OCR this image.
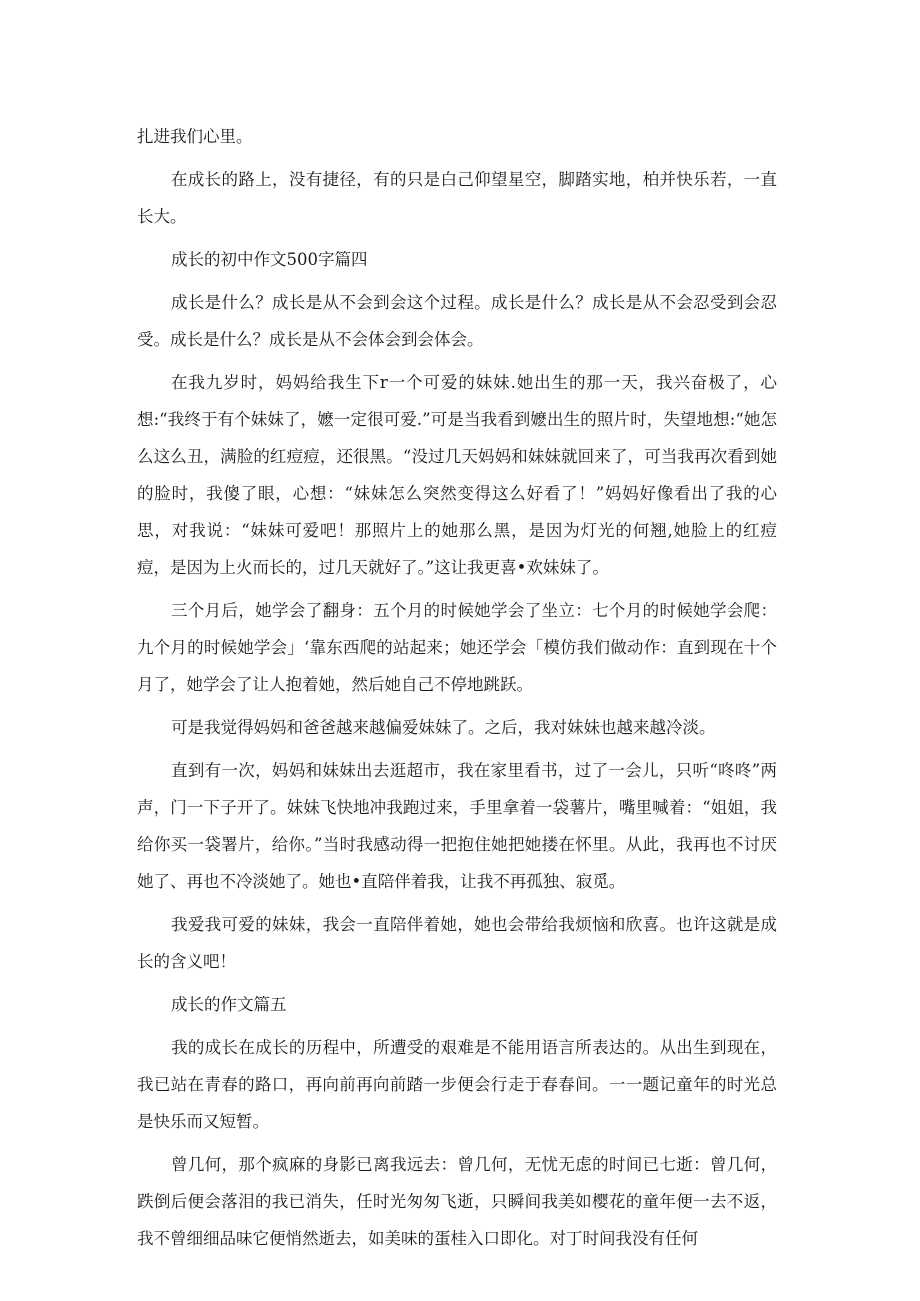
扎进我们心里。

在成长的路上，没有捷径，有的只是白己仰望星空，脚踏实地，柏并快乐若，一直长大。

成长的初中作文500字篇四

成长是什么？成长是从不会到会这个过程。成长是什么？成长是从不会忍受到会忍受。成长是什么？成长是从不会体会到会体会。

在我九岁时，妈妈给我生下r一个可爱的妹妹.她出生的那一天，我兴奋极了，心想:“我终于有个妹妹了，嬷一定很可爱.”可是当我看到嬷出生的照片时，失望地想:“她怎么这么丑，满脸的红痘痘，还很黑。“没过几天妈妈和妹妹就回来了，可当我再次看到她的脸时，我傻了眼，心想：“妹妹怎么突然变得这么好看了！”妈妈好像看出了我的心思，对我说：“妹妹可爱吧！那照片上的她那么黑，是因为灯光的何翘,她脸上的红痘痘，是因为上火而长的，过几天就好了。”这让我更喜•欢妹妹了。

三个月后，她学会了翻身：五个月的时候她学会了坐立：七个月的时候她学会爬：九个月的时候她学会」‘靠东西爬的站起来；她还学会「模仿我们做动作：直到现在十个月了，她学会了让人抱着她，然后她自己不停地跳跃。

可是我觉得妈妈和爸爸越来越偏爱妹妹了。之后，我对妹妹也越来越冷淡。

直到有一次，妈妈和妹妹出去逛超市，我在家里看书，过了一会儿，只听“咚咚”两声，门一下子开了。妹妹飞快地冲我跑过来，手里拿着一袋薯片，嘴里喊着：“姐姐，我给你买一袋署片，给你。”当时我感动得一把抱住她把她搂在怀里。从此，我再也不讨厌她了、再也不冷淡她了。她也•直陪伴着我，让我不再孤独、寂觅。

我爱我可爱的妹妹，我会一直陪伴着她，她也会带给我烦恼和欣喜。也许这就是成长的含义吧！

成长的作文篇五

我的成长在成长的历程中，所遭受的艰难是不能用语言所表达的。从出生到现在，我已站在青春的路口，再向前再向前踏一步便会行走于春春间。一一题记童年的时光总是快乐而又短暂。

曾几何，那个疯麻的身影已离我远去：曾几何，无忧无虑的时间已七逝：曾几何，跌倒后便会落泪的我已消失，任时光匆匆飞逝，只瞬间我美如樱花的童年便一去不返，我不曾细细品味它便悄然逝去，如美味的蛋桂入口即化。对丁时间我没有任何
